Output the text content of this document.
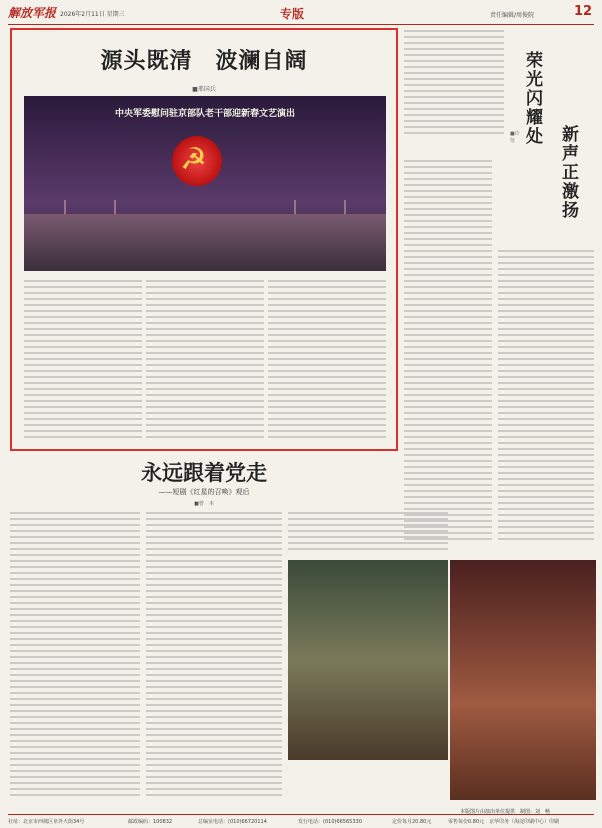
解放军报 2026年2月11日 星期三	专版	责任编辑/周俊院	12
源头既清　波澜自阔
■邢国兵
中央军委慰问驻京部队老干部迎新春文艺演出
☭
荣光闪耀处	新声正激扬
■许　征
永远跟着党走
——短剧《红星的召唤》观后
■曾　本
本版图片由演出单位提供　制图：刘　畅
社址：北京市西城区阜外大街34号	邮政编码：100832	总编室电话：(010)66720114	发行电话：(010)66565330	定价每月20.80元	零售每份0.80元　京华印务（海淀印刷中心）印刷
